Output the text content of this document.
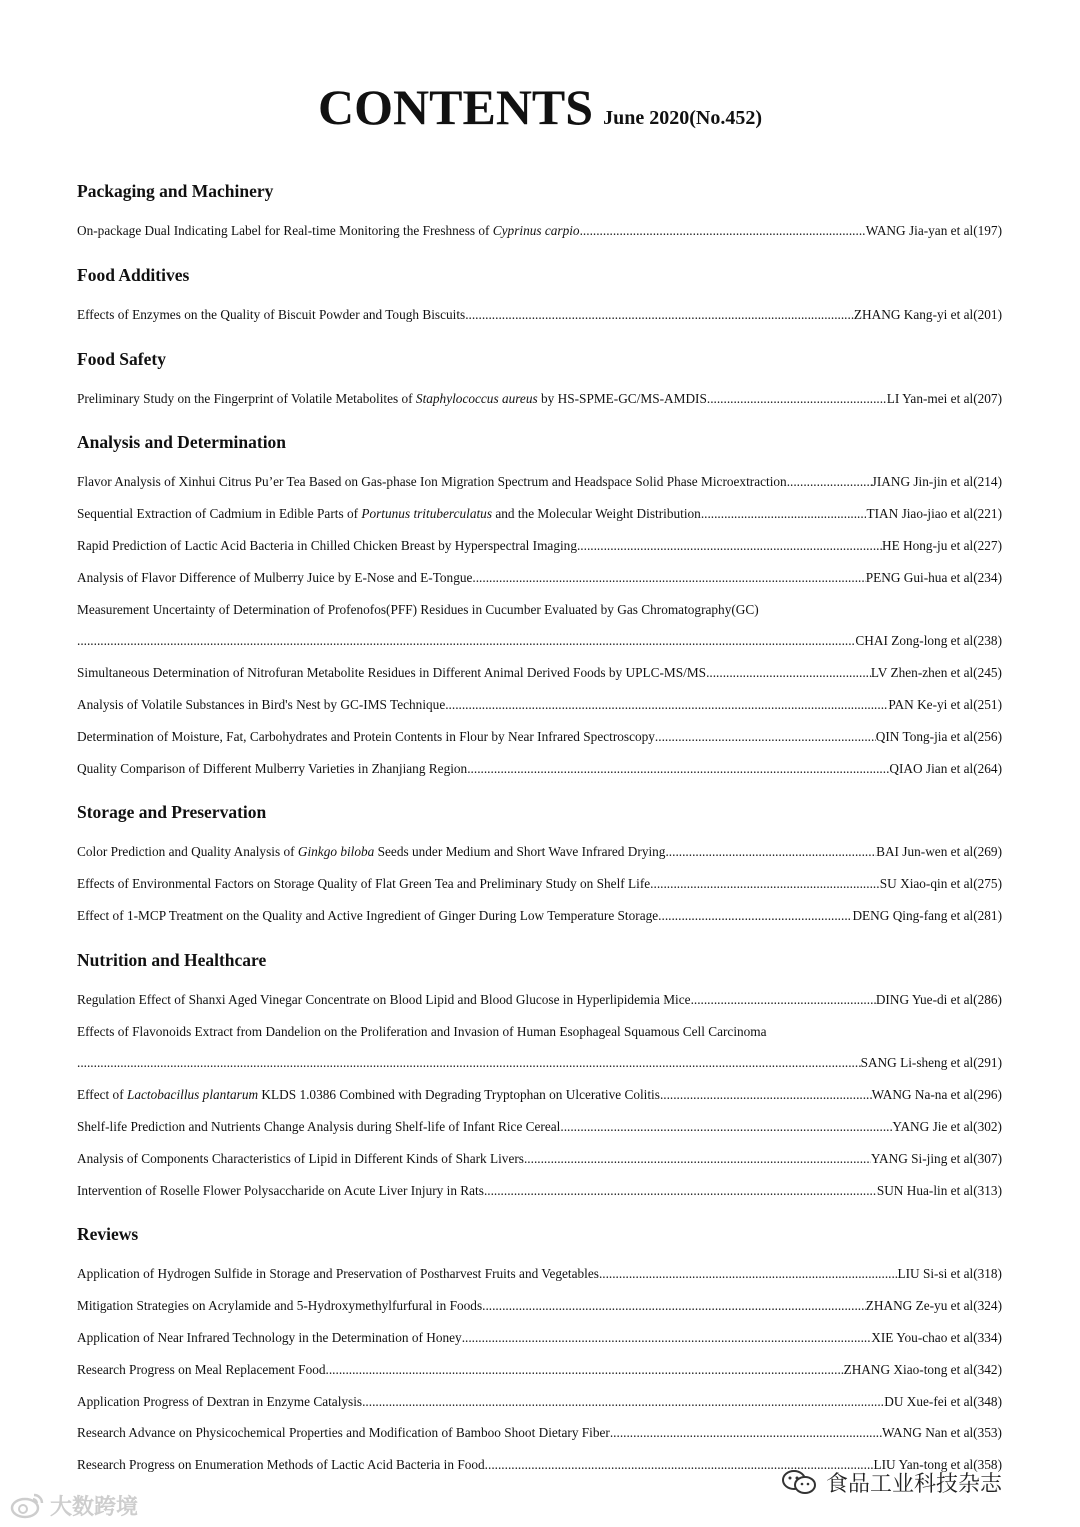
CONTENTS June 2020(No.452)
Packaging and Machinery
On-package Dual Indicating Label for Real-time Monitoring the Freshness of Cyprinus carpio .....	WANG Jia-yan et al(197)
Food Additives
Effects of Enzymes on the Quality of Biscuit Powder and Tough Biscuits .....	ZHANG Kang-yi et al(201)
Food Safety
Preliminary Study on the Fingerprint of Volatile Metabolites of Staphylococcus aureus by HS-SPME-GC/MS-AMDIS .....	LI Yan-mei et al(207)
Analysis and Determination
Flavor Analysis of Xinhui Citrus Pu’er Tea Based on Gas-phase Ion Migration Spectrum and Headspace Solid Phase Microextraction .....	JIANG Jin-jin et al(214)
Sequential Extraction of Cadmium in Edible Parts of Portunus trituberculatus and the Molecular Weight Distribution .....	TIAN Jiao-jiao et al(221)
Rapid Prediction of Lactic Acid Bacteria in Chilled Chicken Breast by Hyperspectral Imaging .....	HE Hong-ju et al(227)
Analysis of Flavor Difference of Mulberry Juice by E-Nose and E-Tongue .....	PENG Gui-hua et al(234)
Measurement Uncertainty of Determination of Profenofos(PFF) Residues in Cucumber Evaluated by Gas Chromatography(GC)
.....
CHAI Zong-long et al(238)
Simultaneous Determination of Nitrofuran Metabolite Residues in Different Animal Derived Foods by UPLC-MS/MS .....	LV Zhen-zhen et al(245)
Analysis of Volatile Substances in Bird's Nest by GC-IMS Technique .....	PAN Ke-yi et al(251)
Determination of Moisture, Fat, Carbohydrates and Protein Contents in Flour by Near Infrared Spectroscopy .....	QIN Tong-jia et al(256)
Quality Comparison of Different Mulberry Varieties in Zhanjiang Region .....	QIAO Jian et al(264)
Storage and Preservation
Color Prediction and Quality Analysis of Ginkgo biloba Seeds under Medium and Short Wave Infrared Drying .....	BAI Jun-wen et al(269)
Effects of Environmental Factors on Storage Quality of Flat Green Tea and Preliminary Study on Shelf Life .....	SU Xiao-qin et al(275)
Effect of 1-MCP Treatment on the Quality and Active Ingredient of Ginger During Low Temperature Storage .....	DENG Qing-fang et al(281)
Nutrition and Healthcare
Regulation Effect of Shanxi Aged Vinegar Concentrate on Blood Lipid and Blood Glucose in Hyperlipidemia Mice .....	DING Yue-di et al(286)
Effects of Flavonoids Extract from Dandelion on the Proliferation and Invasion of Human Esophageal Squamous Cell Carcinoma
.....
SANG Li-sheng et al(291)
Effect of Lactobacillus plantarum KLDS 1.0386 Combined with Degrading Tryptophan on Ulcerative Colitis .....	WANG Na-na et al(296)
Shelf-life Prediction and Nutrients Change Analysis during Shelf-life of Infant Rice Cereal .....	YANG Jie et al(302)
Analysis of Components Characteristics of Lipid in Different Kinds of Shark Livers .....	YANG Si-jing et al(307)
Intervention of Roselle Flower Polysaccharide on Acute Liver Injury in Rats .....	SUN Hua-lin et al(313)
Reviews
Application of Hydrogen Sulfide in Storage and Preservation of Postharvest Fruits and Vegetables .....	LIU Si-si et al(318)
Mitigation Strategies on Acrylamide and 5-Hydroxymethylfurfural in Foods .....	ZHANG Ze-yu et al(324)
Application of Near Infrared Technology in the Determination of Honey .....	XIE You-chao et al(334)
Research Progress on Meal Replacement Food .....	ZHANG Xiao-tong et al(342)
Application Progress of Dextran in Enzyme Catalysis .....	DU Xue-fei et al(348)
Research Advance on Physicochemical Properties and Modification of Bamboo Shoot Dietary Fiber .....	WANG Nan et al(353)
Research Progress on Enumeration Methods of Lactic Acid Bacteria in Food .....	LIU Yan-tong et al(358)
大数跨境
食品工业科技杂志
